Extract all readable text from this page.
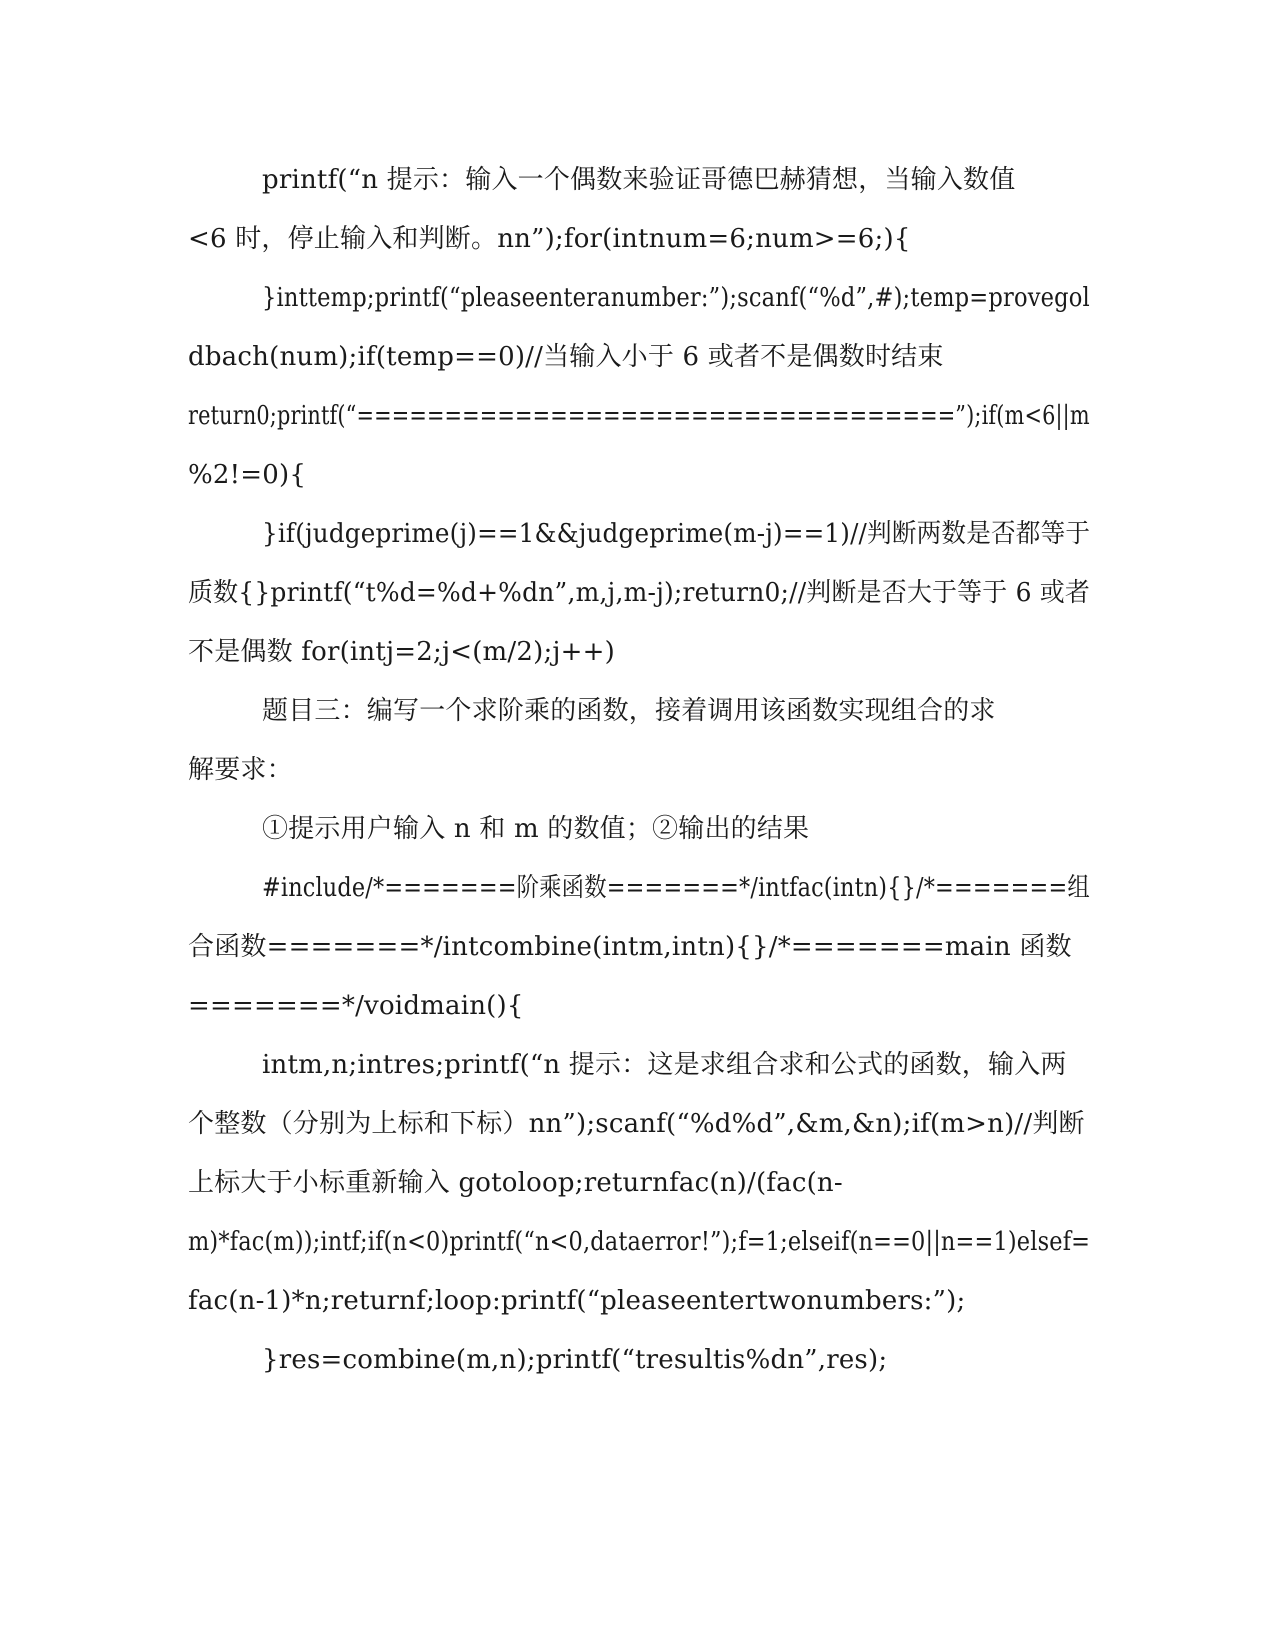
printf(“n 提示：输入一个偶数来验证哥德巴赫猜想，当输入数值
<6 时，停止输入和判断。nn”);for(intnum=6;num>=6;){
}inttemp;printf(“pleaseenteranumber:”);scanf(“%d”,#);temp=provegol
dbach(num);if(temp==0)//当输入小于 6 或者不是偶数时结束
return0;printf(“==================================”);if(m<6||m
%2!=0){
}if(judgeprime(j)==1&&judgeprime(m-j)==1)//判断两数是否都等于
质数{}printf(“t%d=%d+%dn”,m,j,m-j);return0;//判断是否大于等于 6 或者
不是偶数 for(intj=2;j<(m/2);j++)
题目三：编写一个求阶乘的函数，接着调用该函数实现组合的求
解要求：
①提示用户输入 n 和 m 的数值；②输出的结果
#include/*=======阶乘函数=======*/intfac(intn){}/*=======组
合函数=======*/intcombine(intm,intn){}/*=======main 函数
=======*/voidmain(){
intm,n;intres;printf(“n 提示：这是求组合求和公式的函数，输入两
个整数（分别为上标和下标）nn”);scanf(“%d%d”,&m,&n);if(m>n)//判断
上标大于小标重新输入 gotoloop;returnfac(n)/(fac(n-
m)*fac(m));intf;if(n<0)printf(“n<0,dataerror!”);f=1;elseif(n==0||n==1)elsef=
fac(n-1)*n;returnf;loop:printf(“pleaseentertwonumbers:”);
}res=combine(m,n);printf(“tresultis%dn”,res);
